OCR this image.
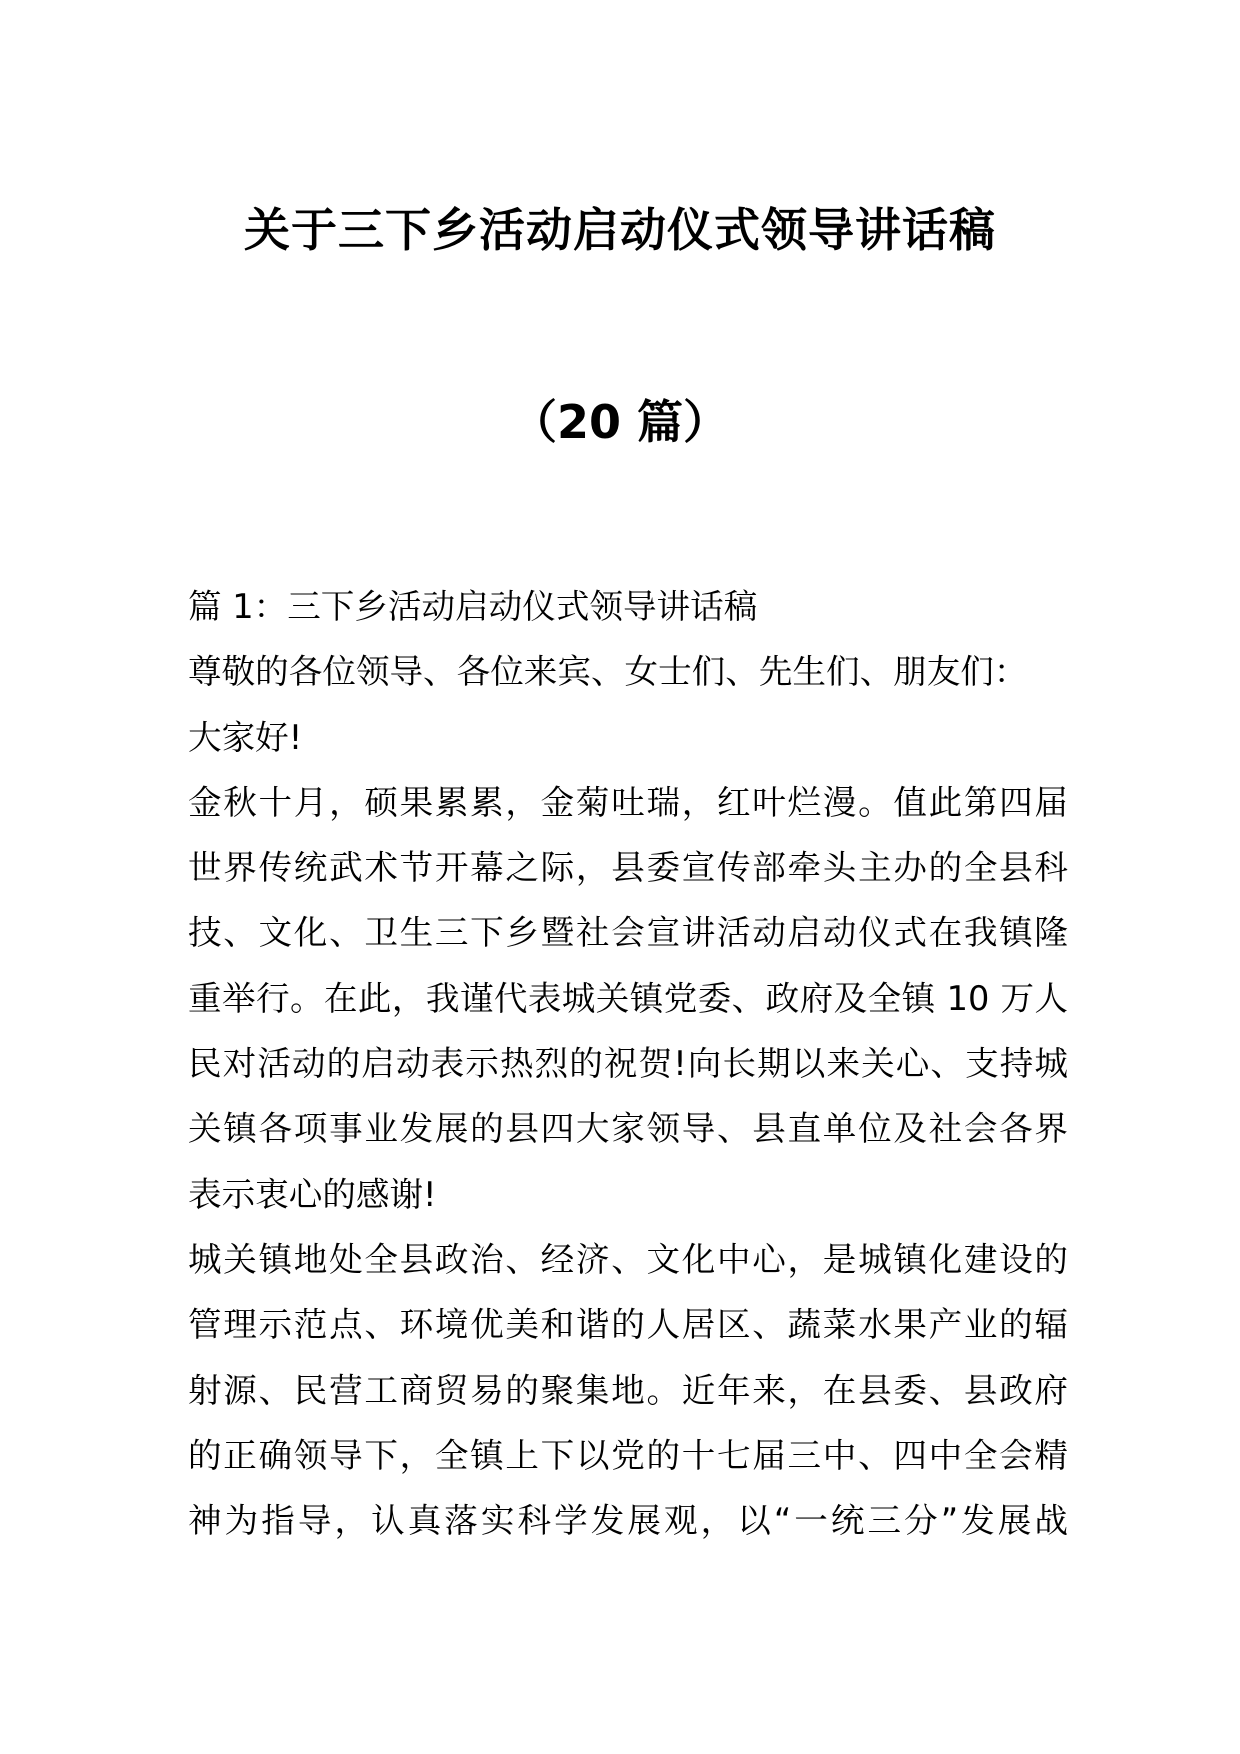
关于三下乡活动启动仪式领导讲话稿
（20 篇）
篇 1：三下乡活动启动仪式领导讲话稿
尊敬的各位领导、各位来宾、女士们、先生们、朋友们：
大家好!
金秋十月，硕果累累，金菊吐瑞，红叶烂漫。值此第四届
世界传统武术节开幕之际，县委宣传部牵头主办的全县科
技、文化、卫生三下乡暨社会宣讲活动启动仪式在我镇隆
重举行。在此，我谨代表城关镇党委、政府及全镇 10 万人
民对活动的启动表示热烈的祝贺!向长期以来关心、支持城
关镇各项事业发展的县四大家领导、县直单位及社会各界
表示衷心的感谢!
城关镇地处全县政治、经济、文化中心，是城镇化建设的
管理示范点、环境优美和谐的人居区、蔬菜水果产业的辐
射源、民营工商贸易的聚集地。近年来，在县委、县政府
的正确领导下，全镇上下以党的十七届三中、四中全会精
神为指导，认真落实科学发展观，以“一统三分”发展战
